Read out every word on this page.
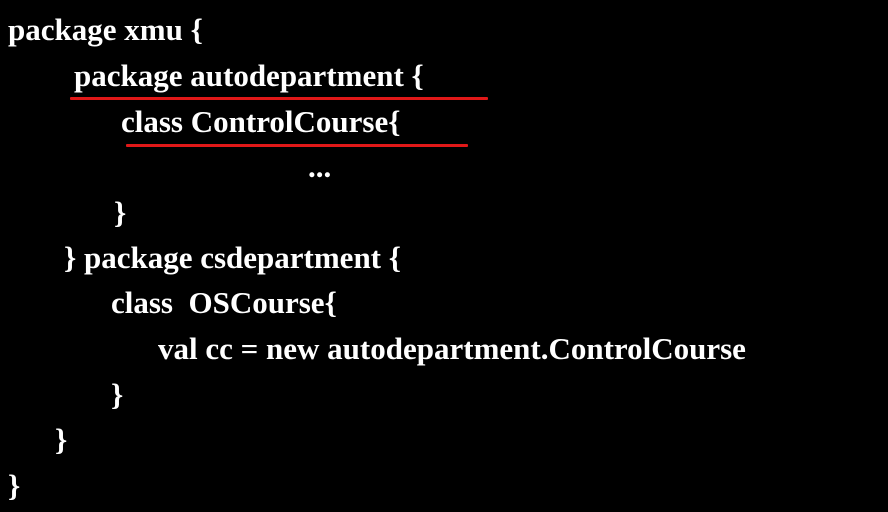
package xmu {

package autodepartment {

class ControlCourse{

...

}

} package csdepartment {

class  OSCourse{

val cc = new autodepartment.ControlCourse

}

}

}
